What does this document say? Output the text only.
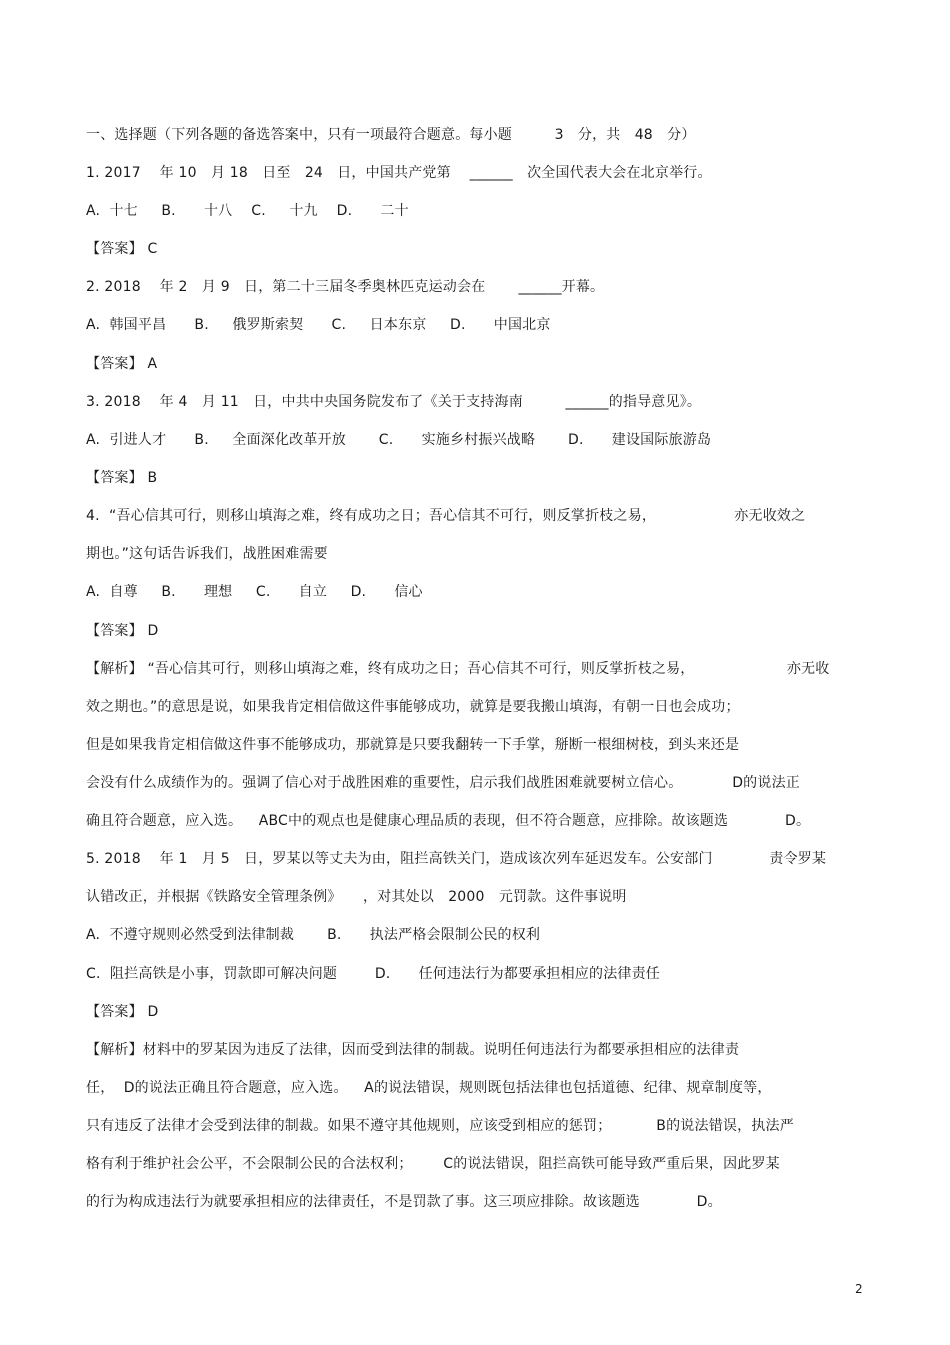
一、选择题（下列各题的备选答案中，只有一项最符合题意。每小题　　　3　分，共　48　分）
1. 2017　 年 10　月 18　日至　24　日，中国共产党第　 ______　次全国代表大会在北京举行。
A.  十七　  B.　   十八　 C.　  十九　 D.　   二十
【答案】 C
2. 2018　 年 2　月 9　日，第二十三届冬季奥林匹克运动会在　　 ______开幕。
A.  韩国平昌　   B.　  俄罗斯索契　   C.　  日本东京　  D.　   中国北京
【答案】 A
3. 2018　 年 4　月 11　日，中共中央国务院发布了《关于支持海南　　　______的指导意见》。
A.  引进人才　   B.　  全面深化改革开放　    C.　   实施乡村振兴战略　    D.　   建设国际旅游岛
【答案】 B
4.  “吾心信其可行，则移山填海之难，终有成功之日；吾心信其不可行，则反掌折枝之易，　　　　　　亦无收效之
期也。”这句话告诉我们，战胜困难需要
A.  自尊　  B.　   理想　  C.　   自立　  D.　   信心
【答案】 D
【解析】 “吾心信其可行，则移山填海之难，终有成功之日；吾心信其不可行，则反掌折枝之易，　　　　　　　亦无收
效之期也。”的意思是说，如果我肯定相信做这件事能够成功，就算是要我搬山填海，有朝一日也会成功；
但是如果我肯定相信做这件事不能够成功，那就算是只要我翻转一下手掌，掰断一根细树枝，到头来还是
会没有什么成绩作为的。强调了信心对于战胜困难的重要性，启示我们战胜困难就要树立信心。　　　　D的说法正
确且符合题意，应入选。　  ABC中的观点也是健康心理品质的表现，但不符合题意，应排除。故该题选　　　　D。
5. 2018　 年 1　月 5　日，罗某以等丈夫为由，阻拦高铁关门，造成该次列车延迟发车。公安部门　　　　责令罗某
认错改正，并根据《铁路安全管理条例》　　，对其处以　2000　元罚款。这件事说明
A.  不遵守规则必然受到法律制裁　　 B.　   执法严格会限制公民的权利
C.  阻拦高铁是小事，罚款即可解决问题　　  D.　   任何违法行为都要承担相应的法律责任
【答案】 D
【解析】材料中的罗某因为违反了法律，因而受到法律的制裁。说明任何违法行为都要承担相应的法律责
任，  D的说法正确且符合题意，应入选。　  A的说法错误，规则既包括法律也包括道德、纪律、规章制度等，
只有违反了法律才会受到法律的制裁。如果不遵守其他规则，应该受到相应的惩罚；　　　  B的说法错误，执法严
格有利于维护社会公平，不会限制公民的合法权利；　　  C的说法错误，阻拦高铁可能导致严重后果，因此罗某
的行为构成违法行为就要承担相应的法律责任，不是罚款了事。这三项应排除。故该题选　　　　D。
2
